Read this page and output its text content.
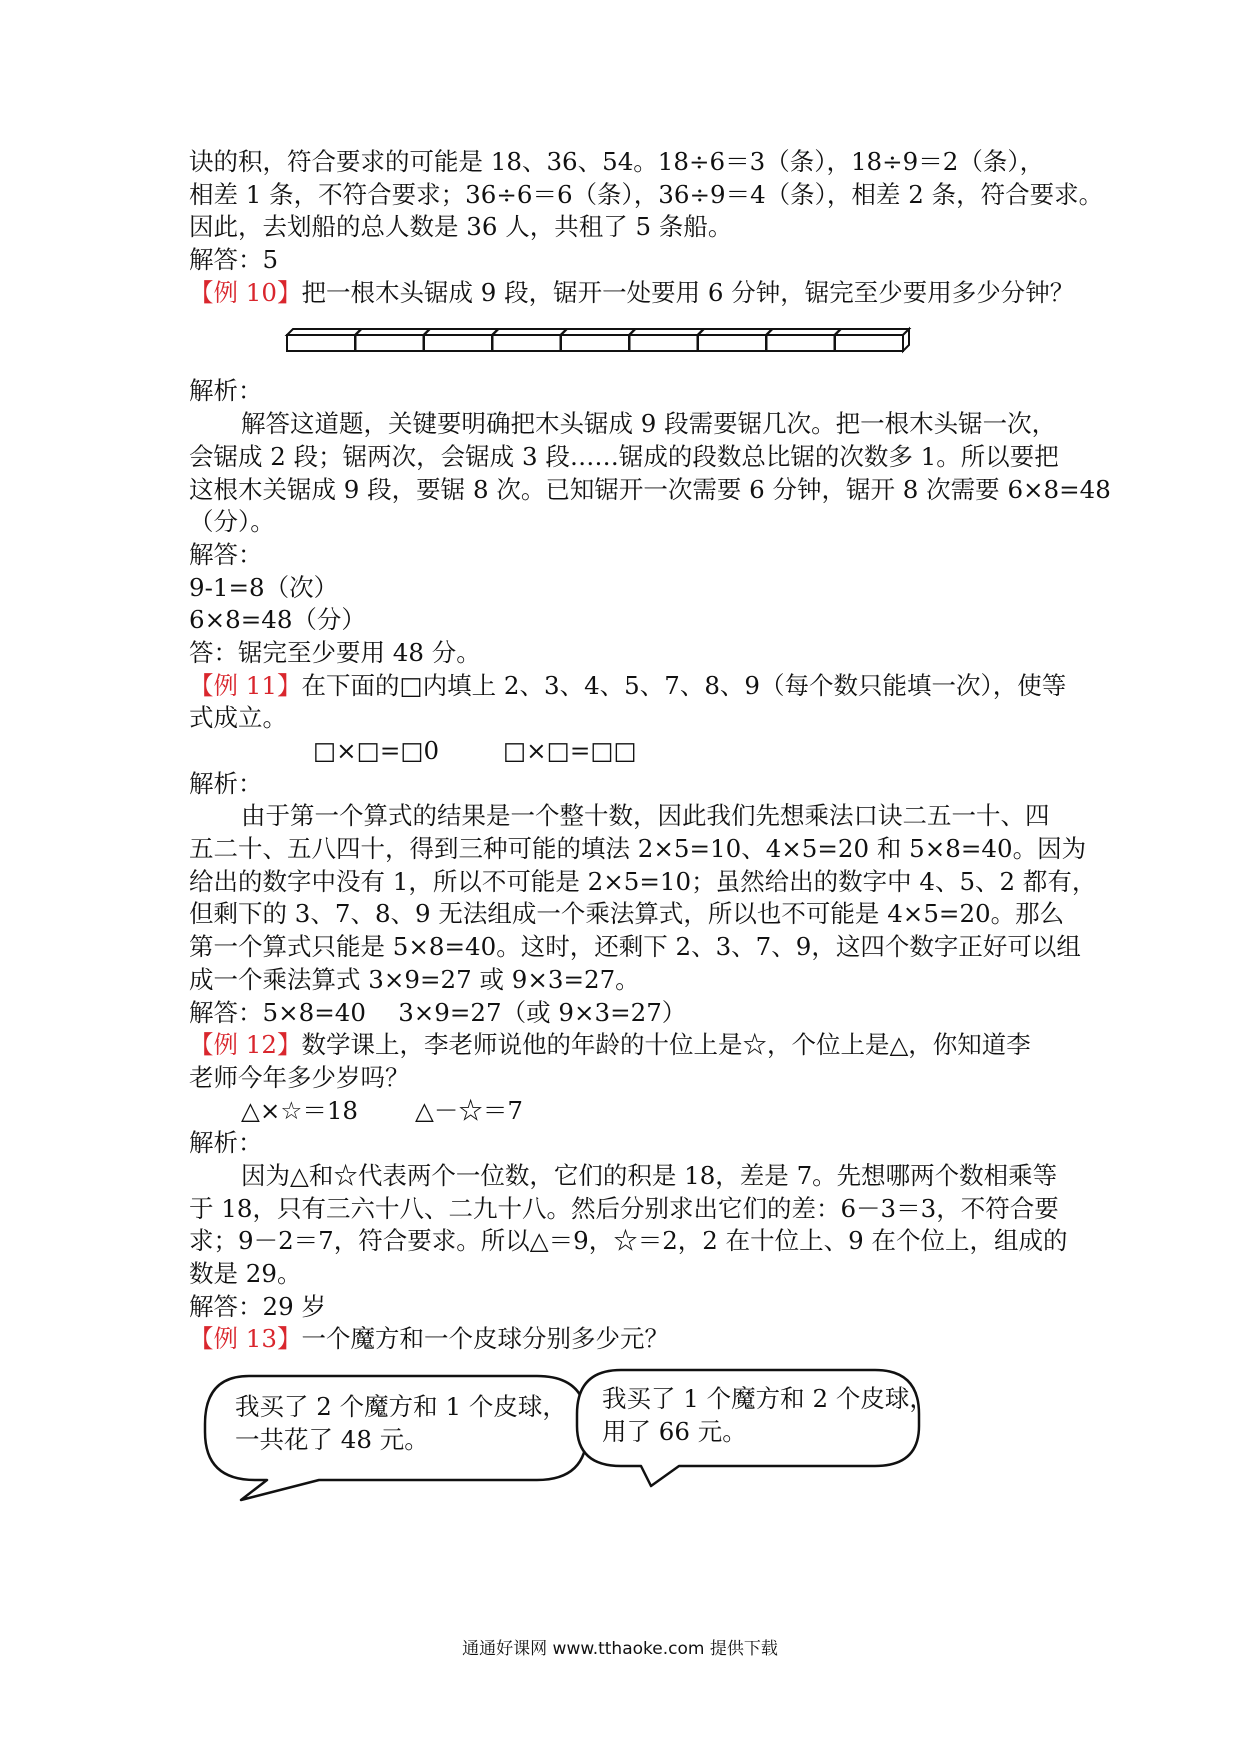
诀的积，符合要求的可能是 18、36、54。18÷6＝3（条），18÷9＝2（条），
相差 1 条，不符合要求；36÷6＝6（条），36÷9＝4（条），相差 2 条，符合要求。
因此，去划船的总人数是 36 人，共租了 5 条船。
解答：5
【例 10】把一根木头锯成 9 段，锯开一处要用 6 分钟，锯完至少要用多少分钟？
解析：
解答这道题，关键要明确把木头锯成 9 段需要锯几次。把一根木头锯一次，
会锯成 2 段；锯两次，会锯成 3 段……锯成的段数总比锯的次数多 1。所以要把
这根木关锯成 9 段，要锯 8 次。已知锯开一次需要 6 分钟，锯开 8 次需要 6×8=48
（分）。
解答：
9-1=8（次）
6×8=48（分）
答：锯完至少要用 48 分。
【例 11】在下面的□内填上 2、3、4、5、7、8、9（每个数只能填一次），使等
式成立。
□×□=□0	□×□=□□
解析：
由于第一个算式的结果是一个整十数，因此我们先想乘法口诀二五一十、四
五二十、五八四十，得到三种可能的填法 2×5=10、4×5=20 和 5×8=40。因为
给出的数字中没有 1，所以不可能是 2×5=10；虽然给出的数字中 4、5、2 都有，
但剩下的 3、7、8、9 无法组成一个乘法算式，所以也不可能是 4×5=20。那么
第一个算式只能是 5×8=40。这时，还剩下 2、3、7、9，这四个数字正好可以组
成一个乘法算式 3×9=27 或 9×3=27。
解答：5×8=40　 3×9=27（或 9×3=27）
【例 12】数学课上，李老师说他的年龄的十位上是☆，个位上是△，你知道李
老师今年多少岁吗？
△×☆＝18 △－☆＝7
解析：
因为△和☆代表两个一位数，它们的积是 18，差是 7。先想哪两个数相乘等
于 18，只有三六十八、二九十八。然后分别求出它们的差：6－3＝3，不符合要
求；9－2＝7，符合要求。所以△＝9，☆＝2，2 在十位上、9 在个位上，组成的
数是 29。
解答：29 岁
【例 13】一个魔方和一个皮球分别多少元？
我买了 2 个魔方和 1 个皮球，
一共花了 48 元。
我买了 1 个魔方和 2 个皮球，
用了 66 元。
通通好课网 www.tthaoke.com 提供下载
